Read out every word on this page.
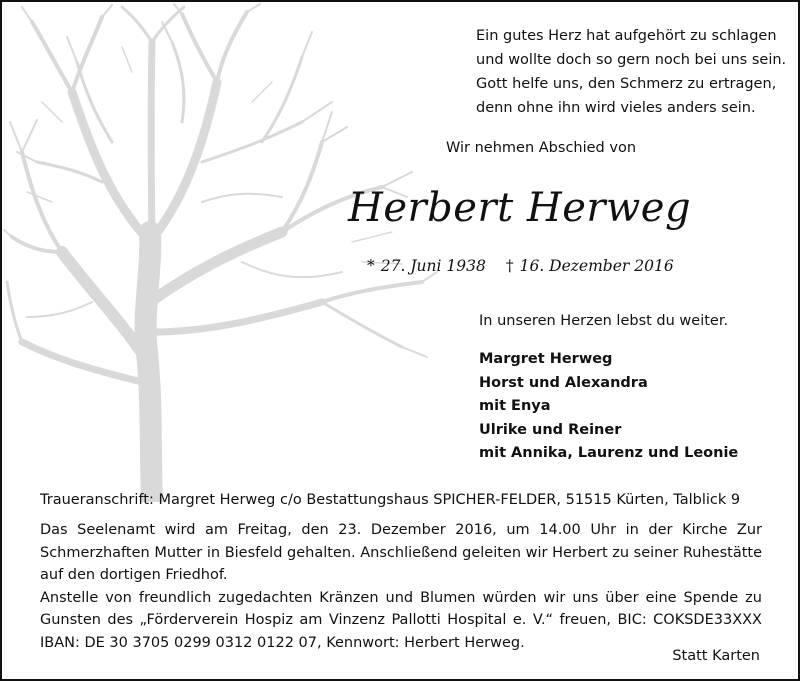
Ein gutes Herz hat aufgehört zu schlagen
und wollte doch so gern noch bei uns sein.
Gott helfe uns, den Schmerz zu ertragen,
denn ohne ihn wird vieles anders sein.
Wir nehmen Abschied von
Herbert Herweg
* 27. Juni 1938 † 16. Dezember 2016
In unseren Herzen lebst du weiter.
Margret Herweg
Horst und Alexandra
mit Enya
Ulrike und Reiner
mit Annika, Laurenz und Leonie
Traueranschrift: Margret Herweg c/o Bestattungshaus SPICHER-FELDER, 51515 Kürten, Talblick 9

Das Seelenamt wird am Freitag, den 23. Dezember 2016, um 14.00 Uhr in der Kirche Zur Schmerzhaften Mutter in Biesfeld gehalten. Anschließend geleiten wir Herbert zu seiner Ruhestätte auf den dortigen Friedhof.

Anstelle von freundlich zugedachten Kränzen und Blumen würden wir uns über eine Spende zu Gunsten des „Förderverein Hospiz am Vinzenz Pallotti Hospital e. V.“ freuen, BIC: COKSDE33XXX IBAN: DE 30 3705 0299 0312 0122 07, Kennwort: Herbert Herweg.

Statt Karten
